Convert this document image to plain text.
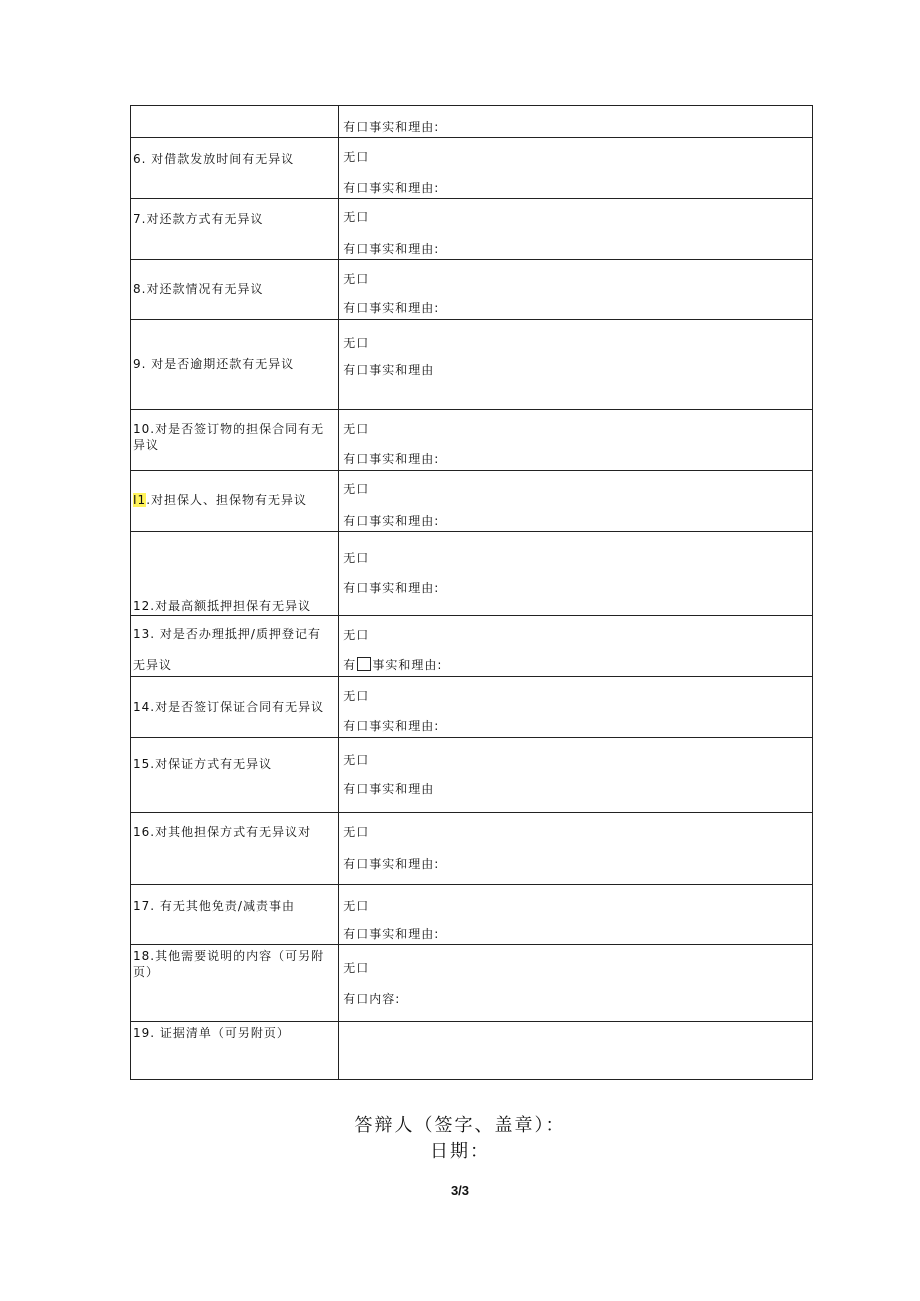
	有口事实和理由:

6. 对借款发放时间有无异议	无口
有口事实和理由:

7.对还款方式有无异议	无口
有口事实和理由:

8.对还款情况有无异议	无口
有口事实和理由:

9. 对是否逾期还款有无异议	无口
有口事实和理由

10.对是否签订物的担保合同有无异议	无口
有口事实和理由:

I1.对担保人、担保物有无异议	无口
有口事实和理由:

12.对最高额抵押担保有无异议	无口
有口事实和理由:

13. 对是否办理抵押/质押登记有
无异议	无口
有 事实和理由:

14.对是否签订保证合同有无异议	无口
有口事实和理由:

15.对保证方式有无异议	无口
有口事实和理由

16.对其他担保方式有无异议对	无口
有口事实和理由:

17. 有无其他免责/减责事由	无口
有口事实和理由:

18.其他需要说明的内容（可另附页）	无口
有口内容:

19. 证据清单（可另附页）	

答辩人（签字、盖章）：
日期：
3/3
